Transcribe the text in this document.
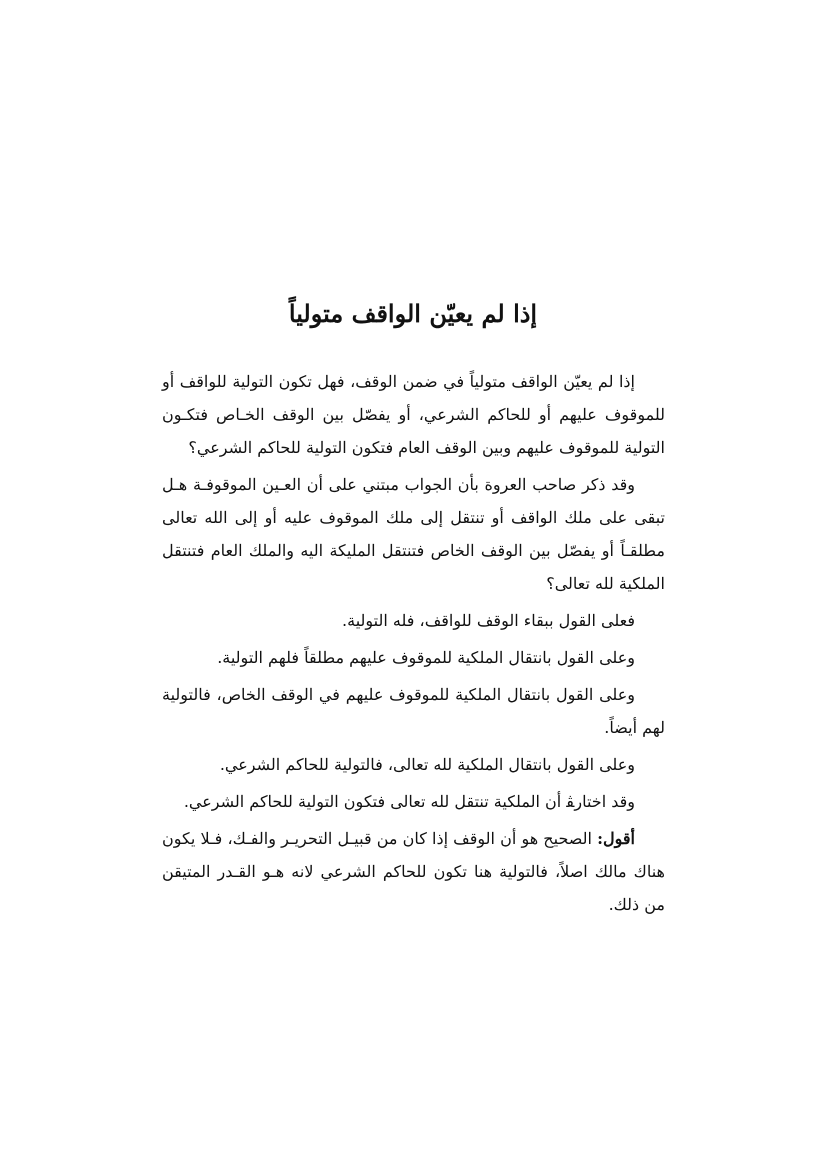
إذا لم يعيّن الواقف متولياً

إذا لم يعيّن الواقف متولياً في ضمن الوقف، فهل تكون التولية للواقف أو للموقوف عليهم أو للحاكم الشرعي، أو يفصّل بين الوقف الخـاص فتكـون التولية للموقوف عليهم وبين الوقف العام فتكون التولية للحاكم الشرعي؟

وقد ذكر صاحب العروة بأن الجواب مبتني على أن العـين الموقوفـة هـل تبقى على ملك الواقف أو تنتقل إلى ملك الموقوف عليه أو إلى الله تعالى مطلقـاً أو يفصّل بين الوقف الخاص فتنتقل المليكة اليه والملك العام فتنتقل الملكية لله تعالى؟

فعلى القول ببقاء الوقف للواقف، فله التولية.

وعلى القول بانتقال الملكية للموقوف عليهم مطلقاً فلهم التولية.

وعلى القول بانتقال الملكية للموقوف عليهم في الوقف الخاص، فالتولية لهم أيضاً.

وعلى القول بانتقال الملكية لله تعالى، فالتولية للحاكم الشرعي.

وقد اختارﭭ أن الملكية تنتقل لله تعالى فتكون التولية للحاكم الشرعي.

أقول: الصحيح هو أن الوقف إذا كان من قبيـل التحريـر والفـك، فـلا يكون هناك مالك اصلاً، فالتولية هنا تكون للحاكم الشرعي لانه هـو القـدر المتيقن من ذلك.
